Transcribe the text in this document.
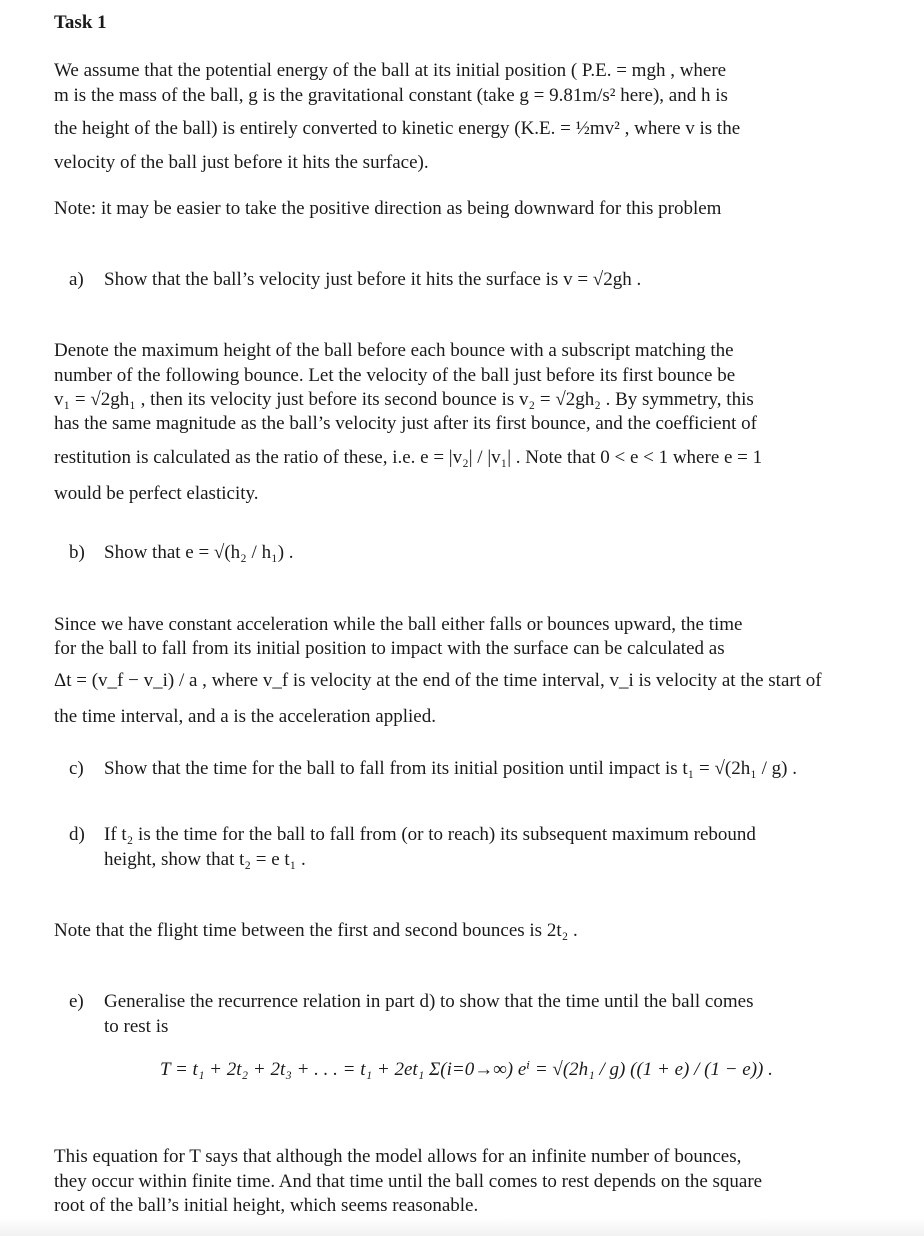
Task 1
We assume that the potential energy of the ball at its initial position ( P.E. = mgh , where
m is the mass of the ball, g is the gravitational constant (take g = 9.81m/s² here), and h is
the height of the ball) is entirely converted to kinetic energy (K.E. = ½mv² , where v is the
velocity of the ball just before it hits the surface).
Note: it may be easier to take the positive direction as being downward for this problem
a)	Show that the ball’s velocity just before it hits the surface is v = √2gh .
Denote the maximum height of the ball before each bounce with a subscript matching the
number of the following bounce. Let the velocity of the ball just before its first bounce be
v₁ = √2gh₁ , then its velocity just before its second bounce is v₂ = √2gh₂ . By symmetry, this
has the same magnitude as the ball’s velocity just after its first bounce, and the coefficient of
restitution is calculated as the ratio of these, i.e. e = |v₂| / |v₁| . Note that 0 < e < 1 where e = 1
would be perfect elasticity.
b)	Show that e = √(h₂ / h₁) .
Since we have constant acceleration while the ball either falls or bounces upward, the time
for the ball to fall from its initial position to impact with the surface can be calculated as
Δt = (v_f − v_i) / a , where v_f is velocity at the end of the time interval, v_i is velocity at the start of
the time interval, and a is the acceleration applied.
c)	Show that the time for the ball to fall from its initial position until impact is t₁ = √(2h₁ / g) .
d)	If t₂ is the time for the ball to fall from (or to reach) its subsequent maximum rebound
height, show that t₂ = e t₁ .
Note that the flight time between the first and second bounces is 2t₂ .
e)	Generalise the recurrence relation in part d) to show that the time until the ball comes
to rest is
This equation for T says that although the model allows for an infinite number of bounces,
they occur within finite time. And that time until the ball comes to rest depends on the square
root of the ball’s initial height, which seems reasonable.
T = t₁ + 2t₂ + 2t₃ + . . . = t₁ + 2et₁ Σ(i=0→∞) eⁱ = √(2h₁ / g) ((1 + e) / (1 − e)) .
